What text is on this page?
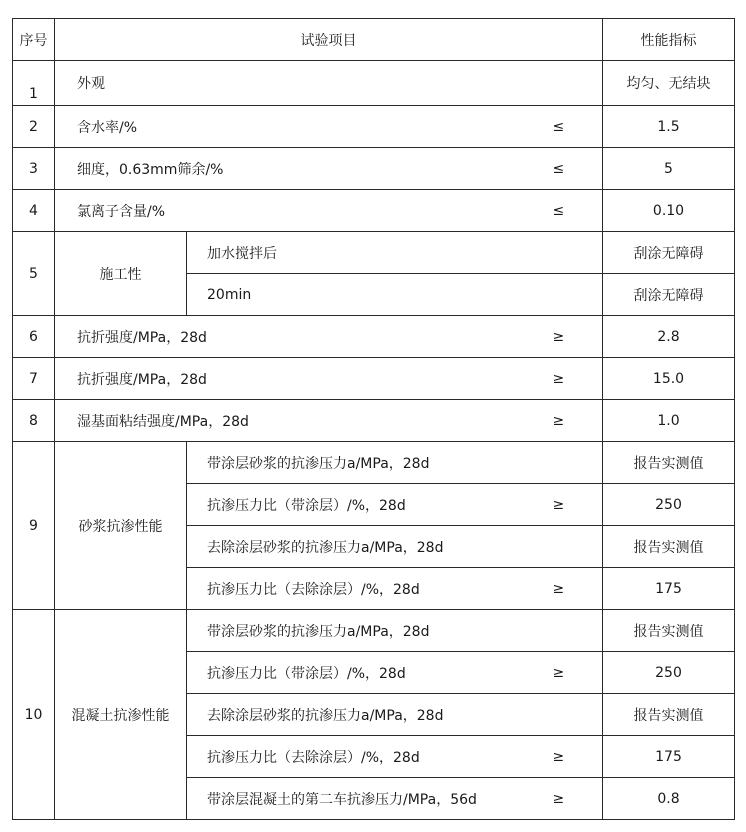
序号	试验项目			性能指标
1	外观			均匀、无结块
2	含水率/%		≤	1.5
3	细度，0.63mm筛余/%		≤	5
4	氯离子含量/%		≤	0.10
5	施工性	加水搅拌后		刮涂无障碍
		20min		刮涂无障碍
6	抗折强度/MPa，28d		≥	2.8
7	抗折强度/MPa，28d		≥	15.0
8	湿基面粘结强度/MPa，28d		≥	1.0
9	砂浆抗渗性能	带涂层砂浆的抗渗压力a/MPa，28d		报告实测值
		抗渗压力比（带涂层）/%，28d	≥	250
		去除涂层砂浆的抗渗压力a/MPa，28d		报告实测值
		抗渗压力比（去除涂层）/%，28d	≥	175
10	混凝土抗渗性能	带涂层砂浆的抗渗压力a/MPa，28d		报告实测值
		抗渗压力比（带涂层）/%，28d	≥	250
		去除涂层砂浆的抗渗压力a/MPa，28d		报告实测值
		抗渗压力比（去除涂层）/%，28d	≥	175
		带涂层混凝土的第二车抗渗压力/MPa，56d	≥	0.8
